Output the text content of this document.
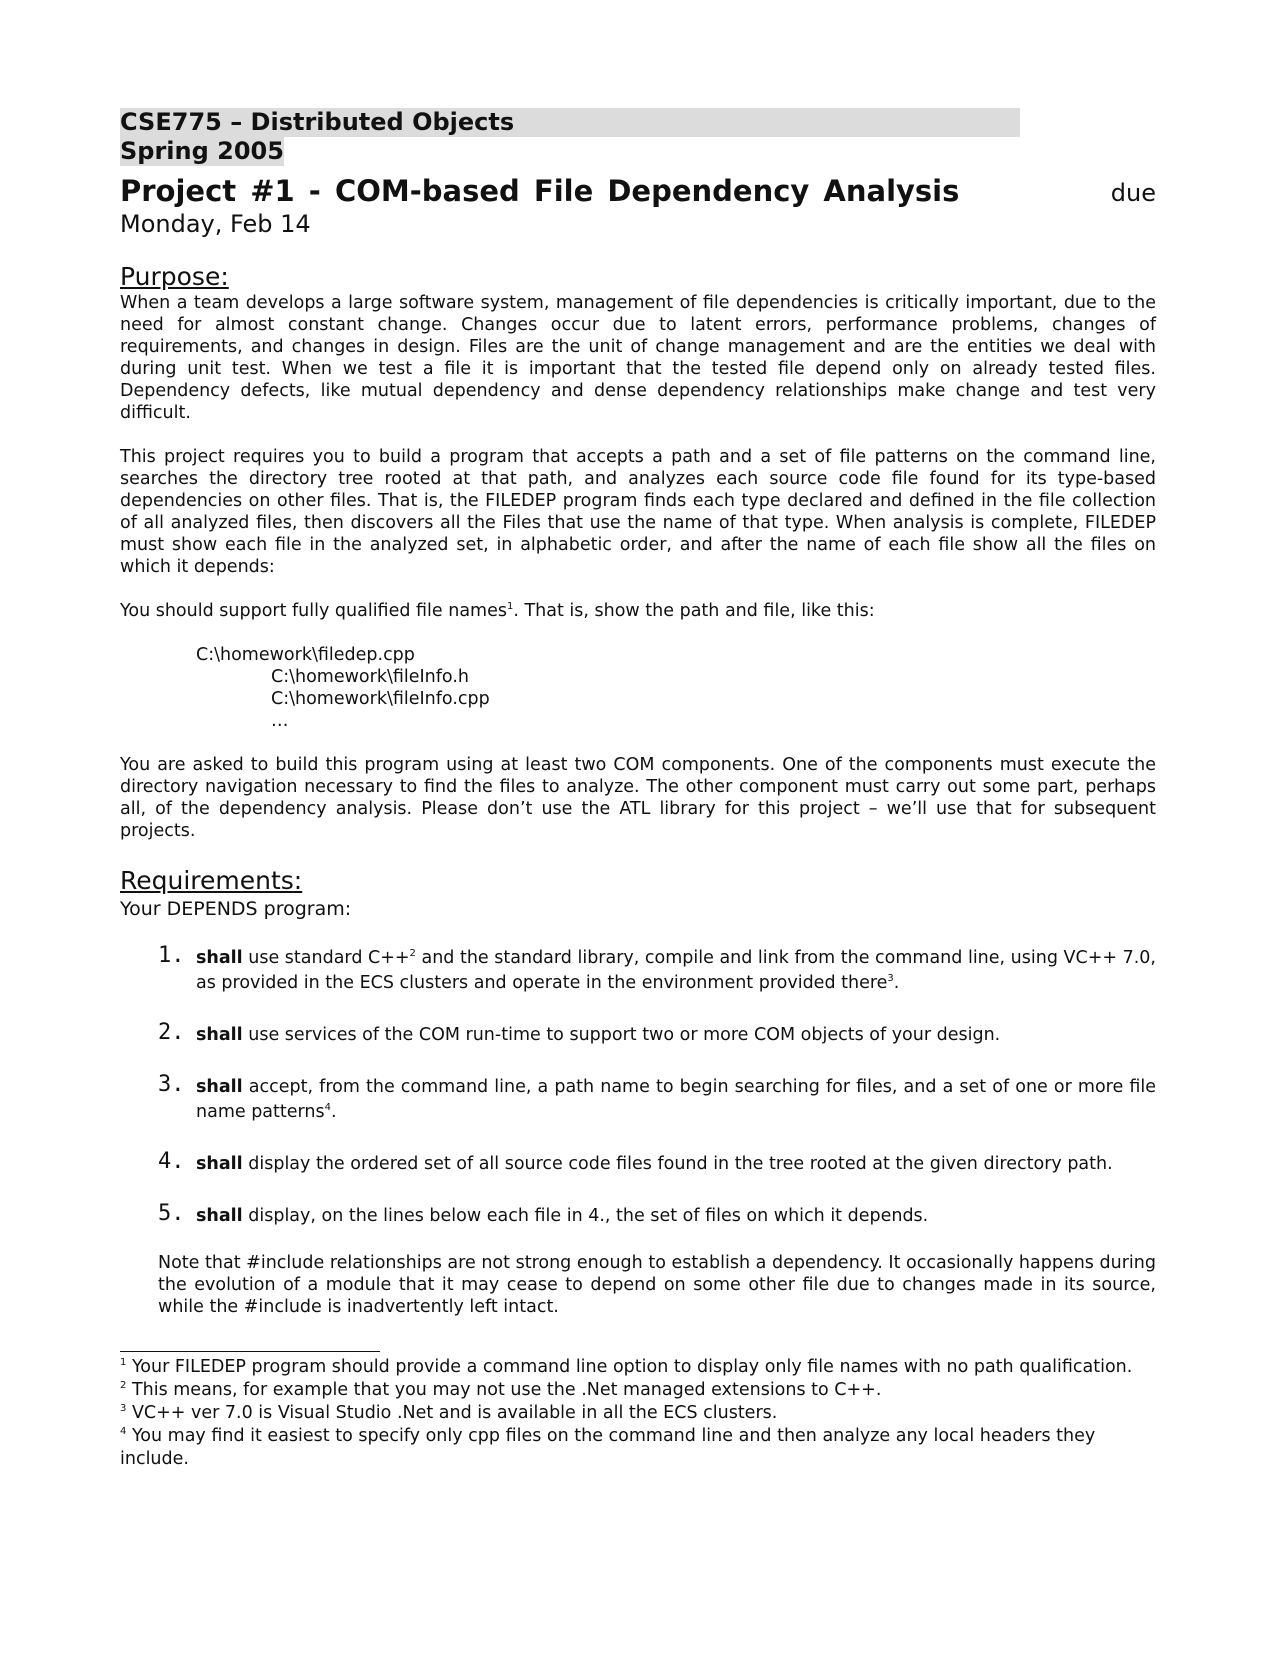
CSE775 – Distributed Objects
Spring 2005
Project #1 - COM-based File Dependency Analysis	due
Monday, Feb 14
Purpose:

When a team develops a large software system, management of file dependencies is critically important, due to the need for almost constant change. Changes occur due to latent errors, performance problems, changes of requirements, and changes in design. Files are the unit of change management and are the entities we deal with during unit test. When we test a file it is important that the tested file depend only on already tested files. Dependency defects, like mutual dependency and dense dependency relationships make change and test very difficult.

This project requires you to build a program that accepts a path and a set of file patterns on the command line, searches the directory tree rooted at that path, and analyzes each source code file found for its type-based dependencies on other files. That is, the FILEDEP program finds each type declared and defined in the file collection of all analyzed files, then discovers all the Files that use the name of that type. When analysis is complete, FILEDEP must show each file in the analyzed set, in alphabetic order, and after the name of each file show all the files on which it depends:

You should support fully qualified file names$^1$. That is, show the path and file, like this:

C:\homework\filedep.cpp
C:\homework\fileInfo.h
C:\homework\fileInfo.cpp
…

You are asked to build this program using at least two COM components. One of the components must execute the directory navigation necessary to find the files to analyze. The other component must carry out some part, perhaps all, of the dependency analysis. Please don’t use the ATL library for this project – we’ll use that for subsequent projects.

Requirements:
Your DEPENDS program:
1. shall use standard C++$^2$ and the standard library, compile and link from the command line, using VC++ 7.0, as provided in the ECS clusters and operate in the environment provided there$^3$.
2. shall use services of the COM run-time to support two or more COM objects of your design.
3. shall accept, from the command line, a path name to begin searching for files, and a set of one or more file name patterns$^4$.
4. shall display the ordered set of all source code files found in the tree rooted at the given directory path.
5. shall display, on the lines below each file in 4., the set of files on which it depends.

Note that #include relationships are not strong enough to establish a dependency. It occasionally happens during the evolution of a module that it may cease to depend on some other file due to changes made in its source, while the #include is inadvertently left intact.

$^1$ Your FILEDEP program should provide a command line option to display only file names with no path qualification.

$^2$ This means, for example that you may not use the .Net managed extensions to C++.

$^3$ VC++ ver 7.0 is Visual Studio .Net and is available in all the ECS clusters.

$^4$ You may find it easiest to specify only cpp files on the command line and then analyze any local headers they include.
